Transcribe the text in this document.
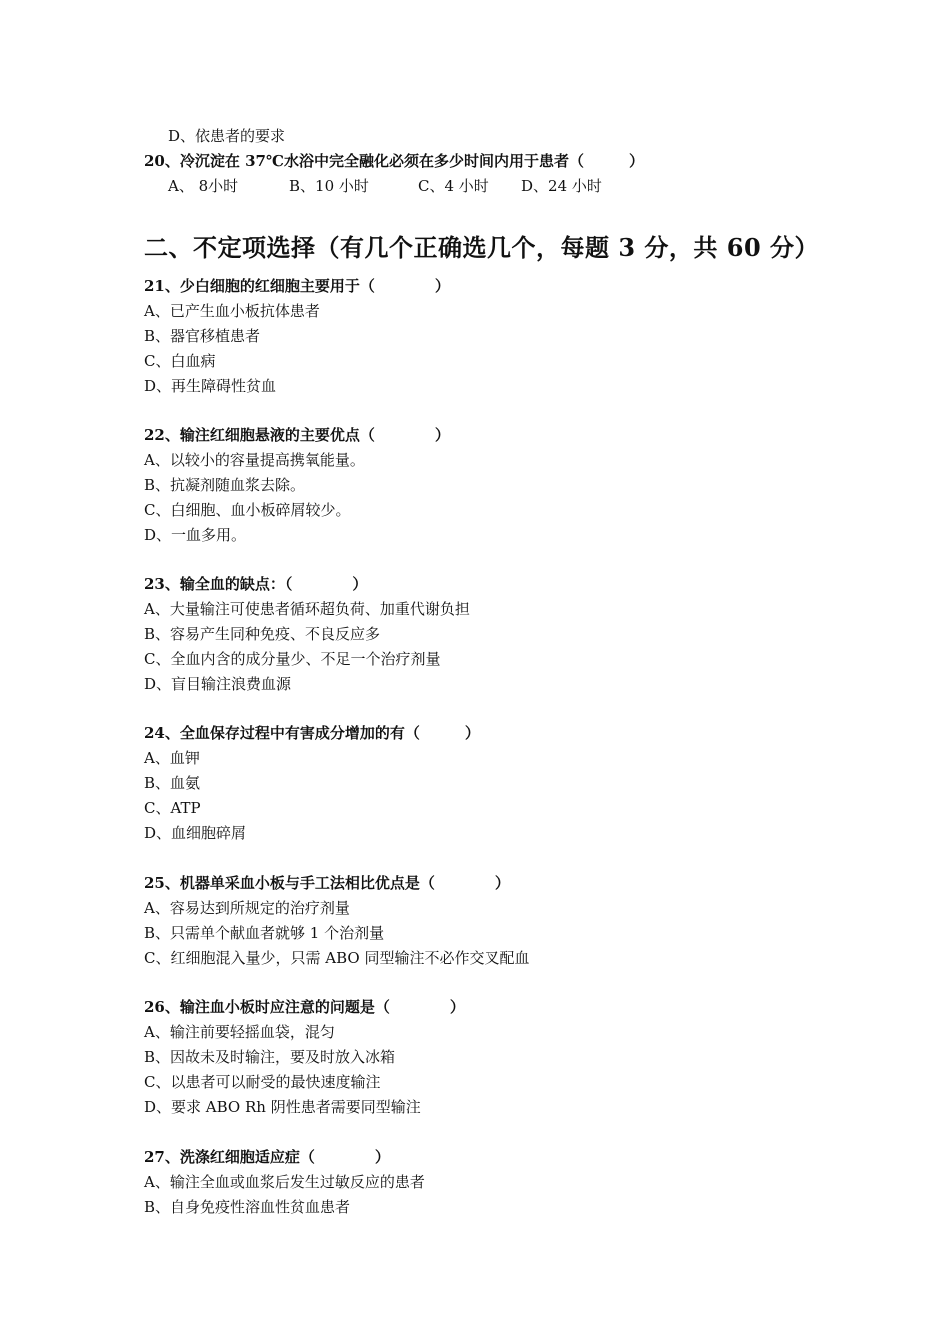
D、依患者的要求
20、冷沉淀在 37℃水浴中完全融化必须在多少时间内用于患者（　　　）
A、 8小时	B、10 小时	C、4 小时 D、24 小时
二、不定项选择（有几个正确选几个，每题 3 分，共 60 分）
21、少白细胞的红细胞主要用于（　　　　）
A、已产生血小板抗体患者
B、器官移植患者
C、白血病
D、再生障碍性贫血
22、输注红细胞悬液的主要优点（　　　　）
A、以较小的容量提高携氧能量。
B、抗凝剂随血浆去除。
C、白细胞、血小板碎屑较少。
D、一血多用。
23、输全血的缺点：（　　　　）
A、大量输注可使患者循环超负荷、加重代谢负担
B、容易产生同种免疫、不良反应多
C、全血内含的成分量少、不足一个治疗剂量
D、盲目输注浪费血源
24、全血保存过程中有害成分增加的有（　　　）
A、血钾
B、血氨
C、ATP
D、血细胞碎屑
25、机器单采血小板与手工法相比优点是（　　　　）
A、容易达到所规定的治疗剂量
B、只需单个献血者就够 1 个治剂量
C、红细胞混入量少，只需 ABO 同型输注不必作交叉配血
26、输注血小板时应注意的问题是（　　　　）
A、输注前要轻摇血袋，混匀
B、因故未及时输注，要及时放入冰箱
C、以患者可以耐受的最快速度输注
D、要求 ABO Rh 阴性患者需要同型输注
27、洗涤红细胞适应症（　　　　）
A、输注全血或血浆后发生过敏反应的患者
B、自身免疫性溶血性贫血患者
